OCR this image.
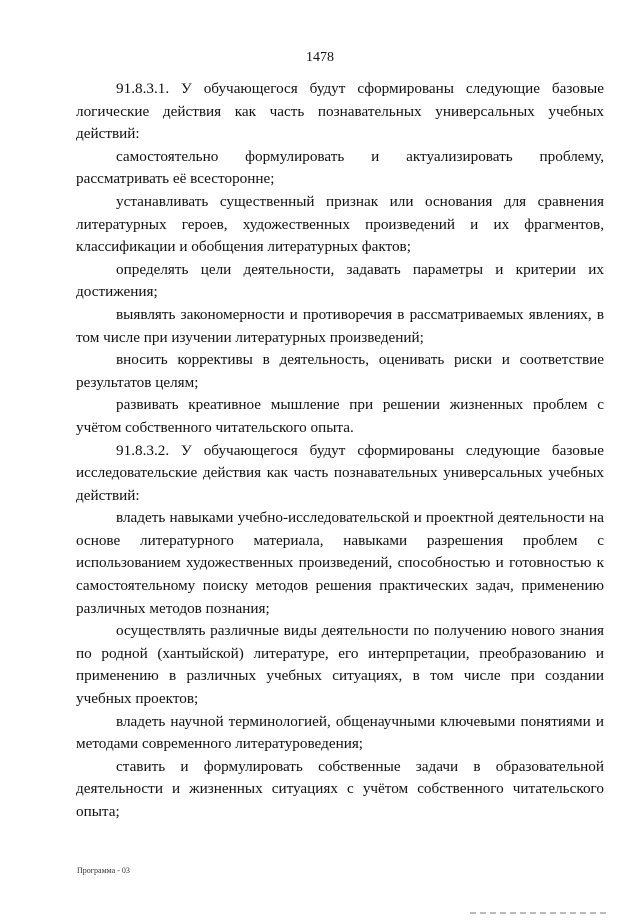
1478

91.8.3.1. У обучающегося будут сформированы следующие базовые логические действия как часть познавательных универсальных учебных действий:

самостоятельно формулировать и актуализировать проблему, рассматривать её всесторонне;

устанавливать существенный признак или основания для сравнения литературных героев, художественных произведений и их фрагментов, классификации и обобщения литературных фактов;

определять цели деятельности, задавать параметры и критерии их достижения;

выявлять закономерности и противоречия в рассматриваемых явлениях, в том числе при изучении литературных произведений;

вносить коррективы в деятельность, оценивать риски и соответствие результатов целям;

развивать креативное мышление при решении жизненных проблем с учётом собственного читательского опыта.

91.8.3.2. У обучающегося будут сформированы следующие базовые исследовательские действия как часть познавательных универсальных учебных действий:

владеть навыками учебно-исследовательской и проектной деятельности на основе литературного материала, навыками разрешения проблем с использованием художественных произведений, способностью и готовностью к самостоятельному поиску методов решения практических задач, применению различных методов познания;

осуществлять различные виды деятельности по получению нового знания по родной (хантыйской) литературе, его интерпретации, преобразованию и применению в различных учебных ситуациях, в том числе при создании учебных проектов;

владеть научной терминологией, общенаучными ключевыми понятиями и методами современного литературоведения;

ставить и формулировать собственные задачи в образовательной деятельности и жизненных ситуациях с учётом собственного читательского опыта;

Программа - 03
